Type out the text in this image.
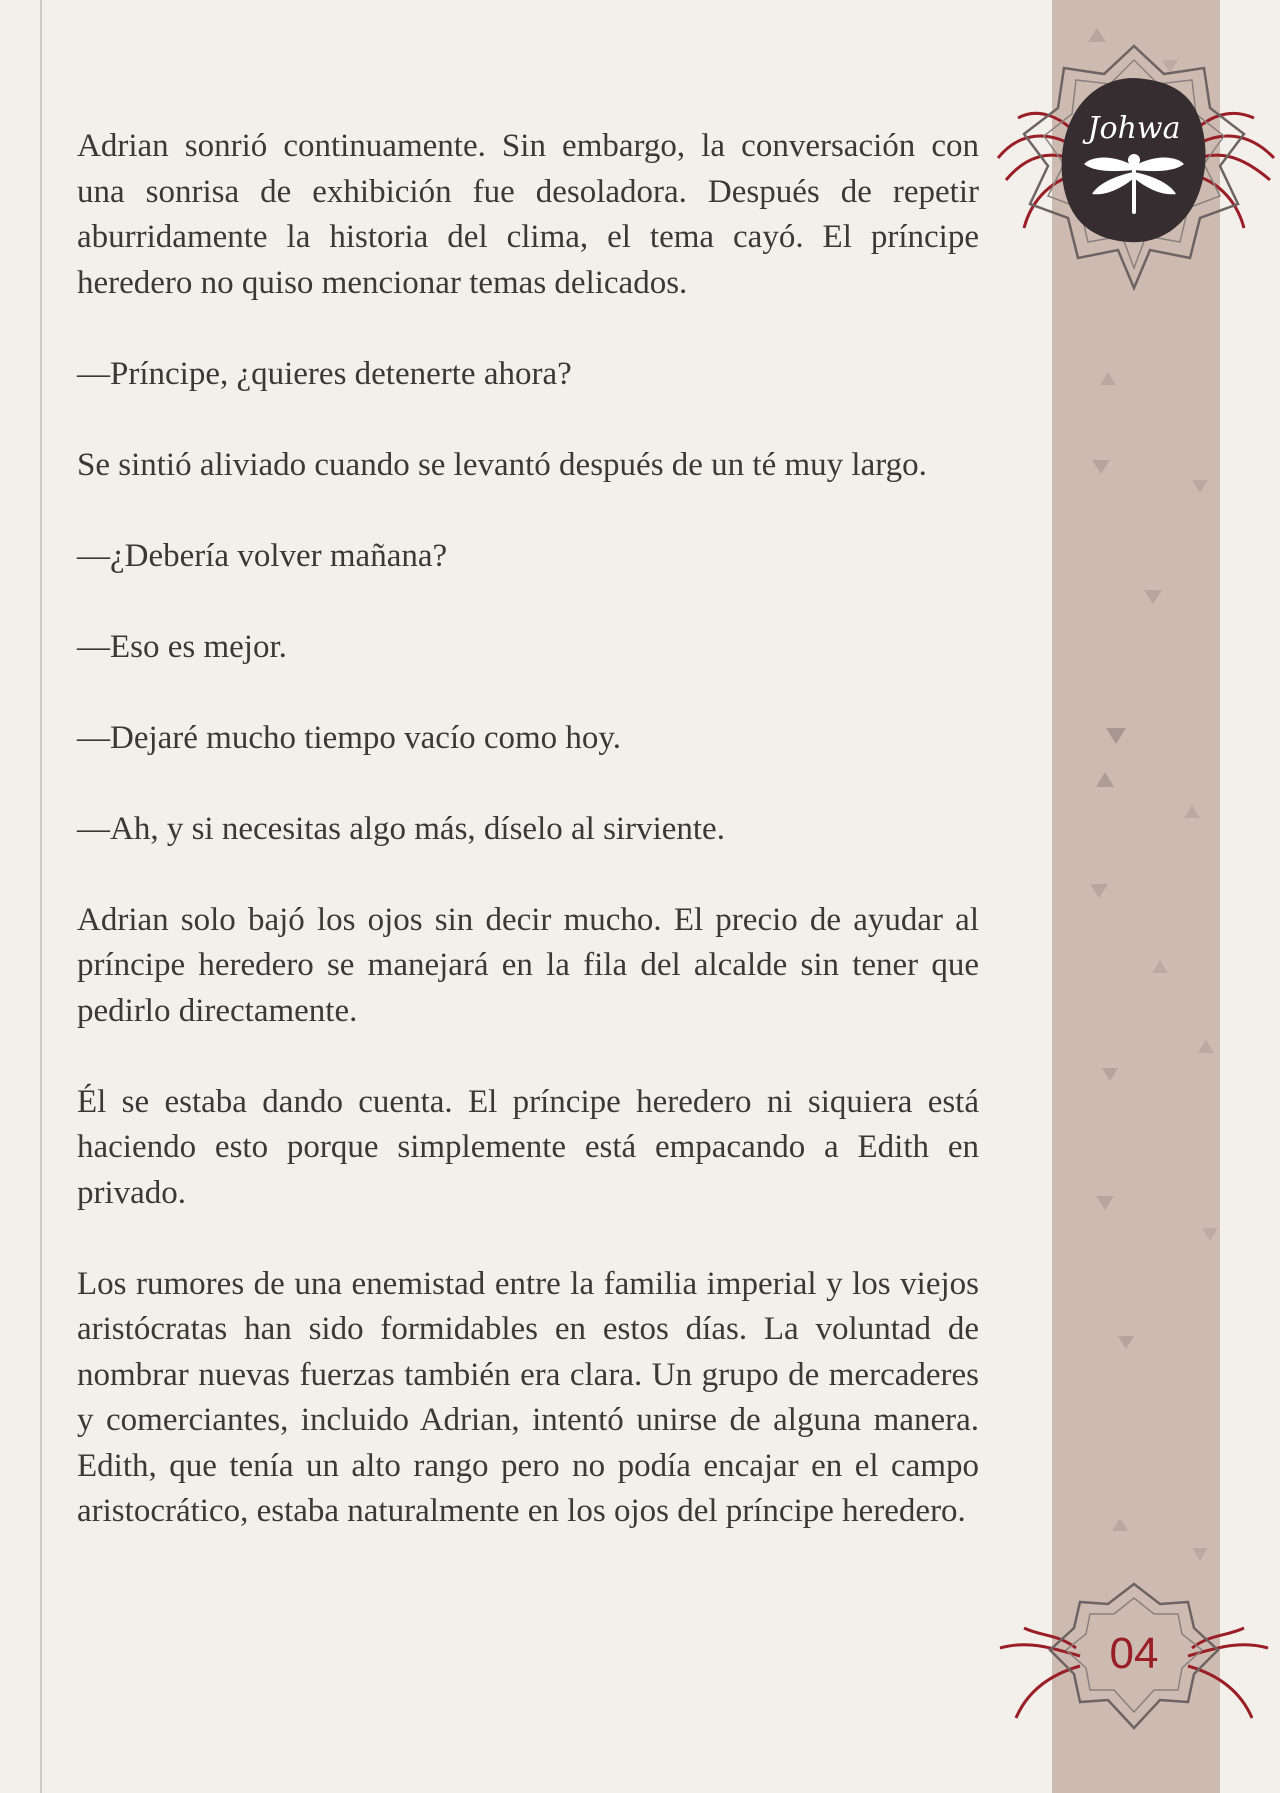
Adrian sonrió continuamente. Sin embargo, la conversación con una sonrisa de exhibición fue desoladora. Después de repetir aburridamente la historia del clima, el tema cayó. El príncipe heredero no quiso mencionar temas delicados.

—Príncipe, ¿quieres detenerte ahora?

Se sintió aliviado cuando se levantó después de un té muy largo.

—¿Debería volver mañana?

—Eso es mejor.

—Dejaré mucho tiempo vacío como hoy.

—Ah, y si necesitas algo más, díselo al sirviente.

Adrian solo bajó los ojos sin decir mucho. El precio de ayudar al príncipe heredero se manejará en la fila del alcalde sin tener que pedirlo directamente.

Él se estaba dando cuenta. El príncipe heredero ni siquiera está haciendo esto porque simplemente está empacando a Edith en privado.

Los rumores de una enemistad entre la familia imperial y los viejos aristócratas han sido formidables en estos días. La voluntad de nombrar nuevas fuerzas también era clara. Un grupo de mercaderes y comerciantes, incluido Adrian, intentó unirse de alguna manera. Edith, que tenía un alto rango pero no podía encajar en el campo aristocrático, estaba naturalmente en los ojos del príncipe heredero.

Johwa
04
